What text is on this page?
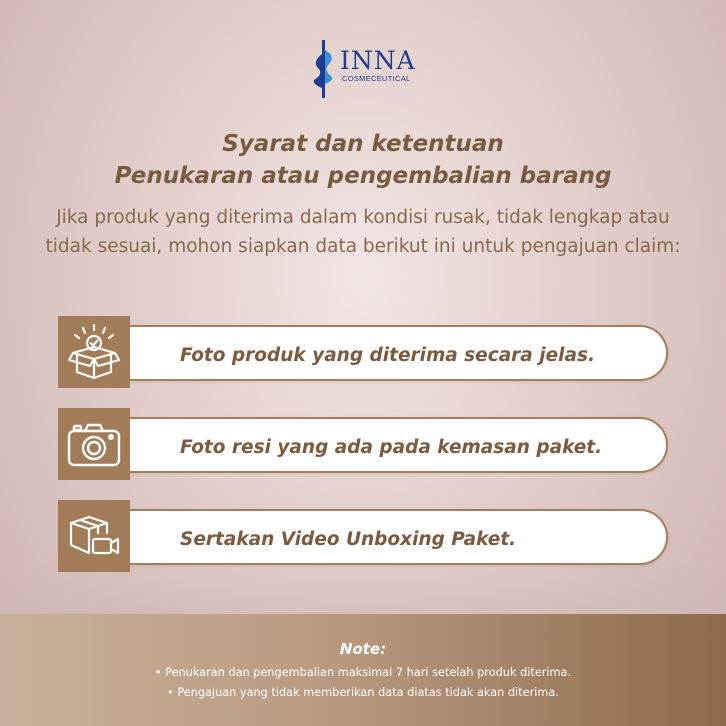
INNA
COSMECEUTICAL
Syarat dan ketentuan
Penukaran atau pengembalian barang
Jika produk yang diterima dalam kondisi rusak, tidak lengkap atau tidak sesuai, mohon siapkan data berikut ini untuk pengajuan claim:
Foto produk yang diterima secara jelas.
Foto resi yang ada pada kemasan paket.
Sertakan Video Unboxing Paket.
Note:
• Penukaran dan pengembalian maksimal 7 hari setelah produk diterima.
• Pengajuan yang tidak memberikan data diatas tidak akan diterima.
